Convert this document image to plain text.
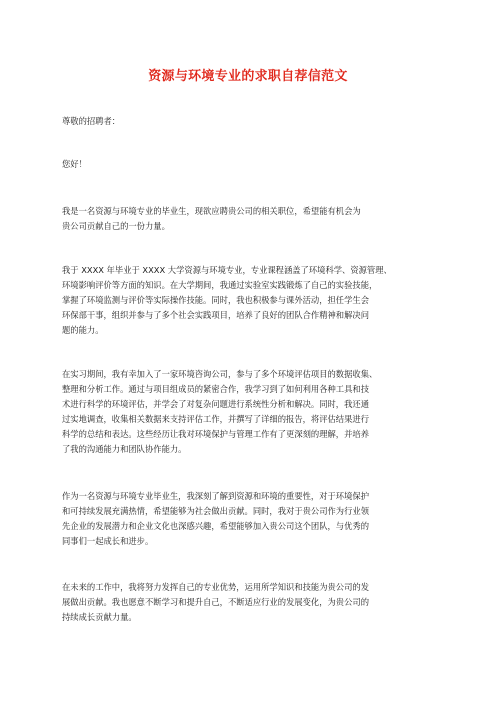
资源与环境专业的求职自荐信范文
尊敬的招聘者：
您好！
我是一名资源与环境专业的毕业生，现欲应聘贵公司的相关职位，希望能有机会为
贵公司贡献自己的一份力量。
我于 XXXX 年毕业于 XXXX 大学资源与环境专业，专业课程涵盖了环境科学、资源管理、
环境影响评价等方面的知识。在大学期间，我通过实验室实践锻炼了自己的实验技能，
掌握了环境监测与评价等实际操作技能。同时，我也积极参与课外活动，担任学生会
环保部干事，组织并参与了多个社会实践项目，培养了良好的团队合作精神和解决问
题的能力。
在实习期间，我有幸加入了一家环境咨询公司，参与了多个环境评估项目的数据收集、
整理和分析工作。通过与项目组成员的紧密合作，我学习到了如何利用各种工具和技
术进行科学的环境评估，并学会了对复杂问题进行系统性分析和解决。同时，我还通
过实地调查，收集相关数据来支持评估工作，并撰写了详细的报告，将评估结果进行
科学的总结和表达。这些经历让我对环境保护与管理工作有了更深刻的理解，并培养
了我的沟通能力和团队协作能力。
作为一名资源与环境专业毕业生，我深刻了解到资源和环境的重要性，对于环境保护
和可持续发展充满热情，希望能够为社会做出贡献。同时，我对于贵公司作为行业领
先企业的发展潜力和企业文化也深感兴趣，希望能够加入贵公司这个团队，与优秀的
同事们一起成长和进步。
在未来的工作中，我将努力发挥自己的专业优势，运用所学知识和技能为贵公司的发
展做出贡献。我也愿意不断学习和提升自己，不断适应行业的发展变化，为贵公司的
持续成长贡献力量。
